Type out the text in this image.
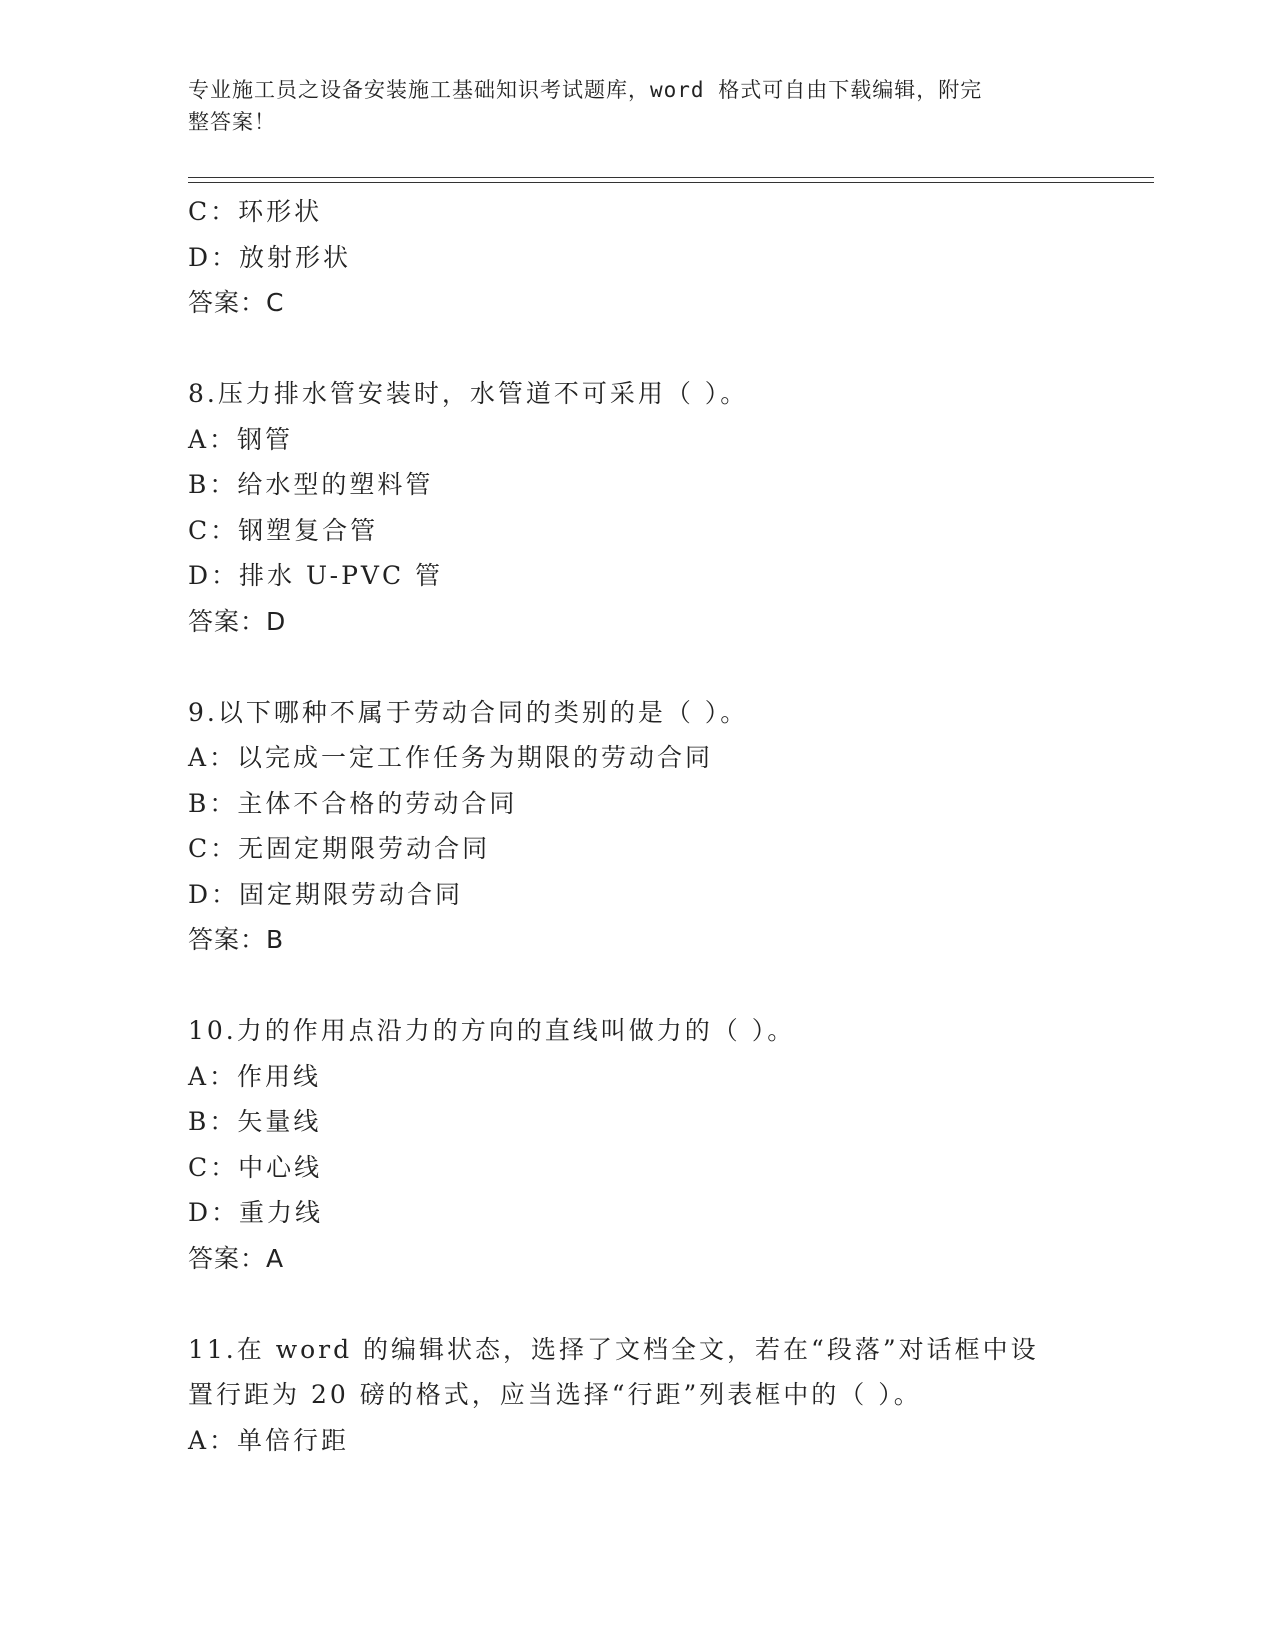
专业施工员之设备安装施工基础知识考试题库，word 格式可自由下载编辑，附完
整答案！
C：环形状
D：放射形状
答案：C
8.压力排水管安装时，水管道不可采用（ ）。
A：钢管
B：给水型的塑料管
C：钢塑复合管
D：排水 U-PVC 管
答案：D
9.以下哪种不属于劳动合同的类别的是（ ）。
A：以完成一定工作任务为期限的劳动合同
B：主体不合格的劳动合同
C：无固定期限劳动合同
D：固定期限劳动合同
答案：B
10.力的作用点沿力的方向的直线叫做力的（ ）。
A：作用线
B：矢量线
C：中心线
D：重力线
答案：A
11.在 word 的编辑状态，选择了文档全文，若在“段落”对话框中设
置行距为 20 磅的格式，应当选择“行距”列表框中的（ ）。
A：单倍行距
